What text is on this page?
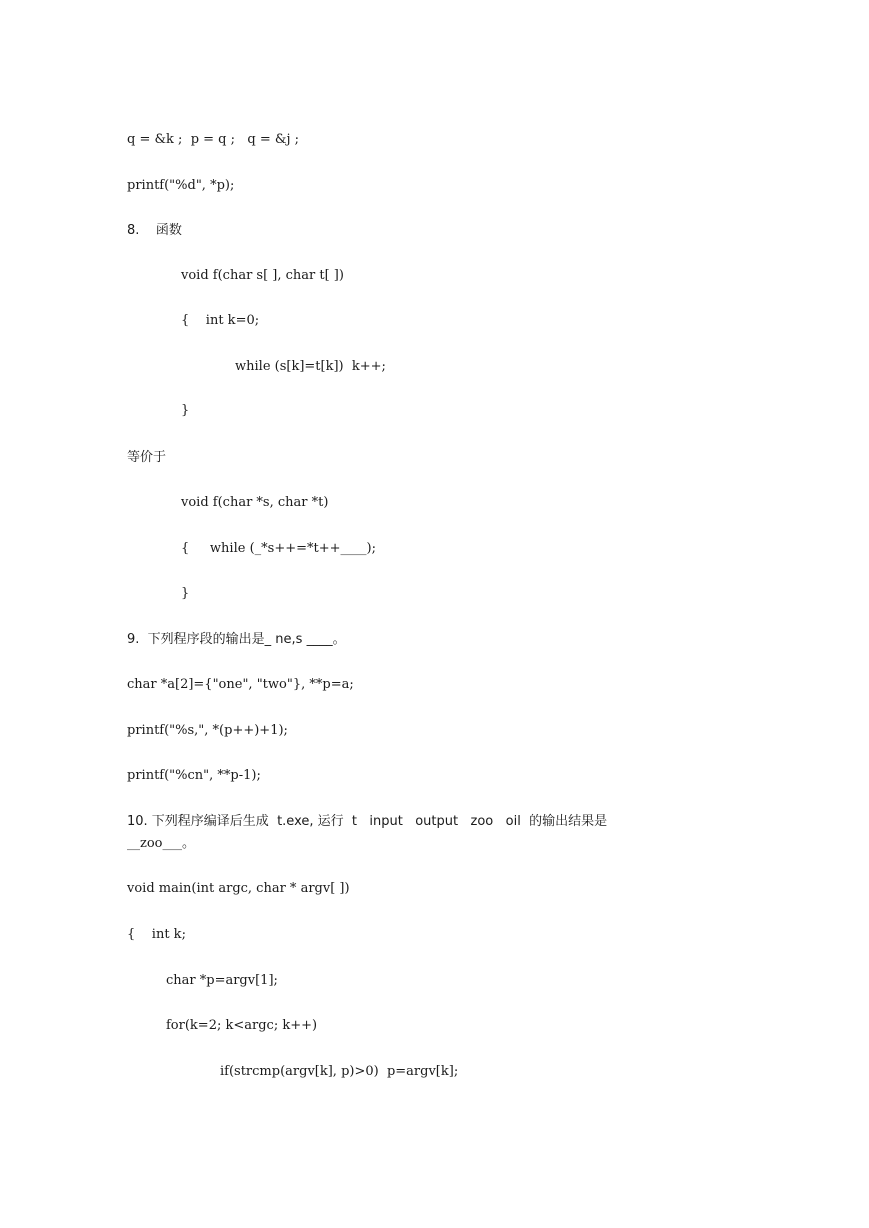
q = &k ;  p = q ;   q = &j ;
printf("%d", *p);
8.    函数
void f(char s[ ], char t[ ])
{    int k=0;
while (s[k]=t[k])  k++;
}
等价于
void f(char *s, char *t)
{     while (_*s++=*t++____);
}
9.  下列程序段的输出是_ ne,s ____。
char *a[2]={"one", "two"}, **p=a;
printf("%s,", *(p++)+1);
printf("%cn", **p-1);
10. 下列程序编译后生成  t.exe, 运行  t   input   output   zoo   oil  的输出结果是
__zoo___。
void main(int argc, char * argv[ ])
{    int k;
char *p=argv[1];
for(k=2; k<argc; k++)
if(strcmp(argv[k], p)>0)  p=argv[k];
